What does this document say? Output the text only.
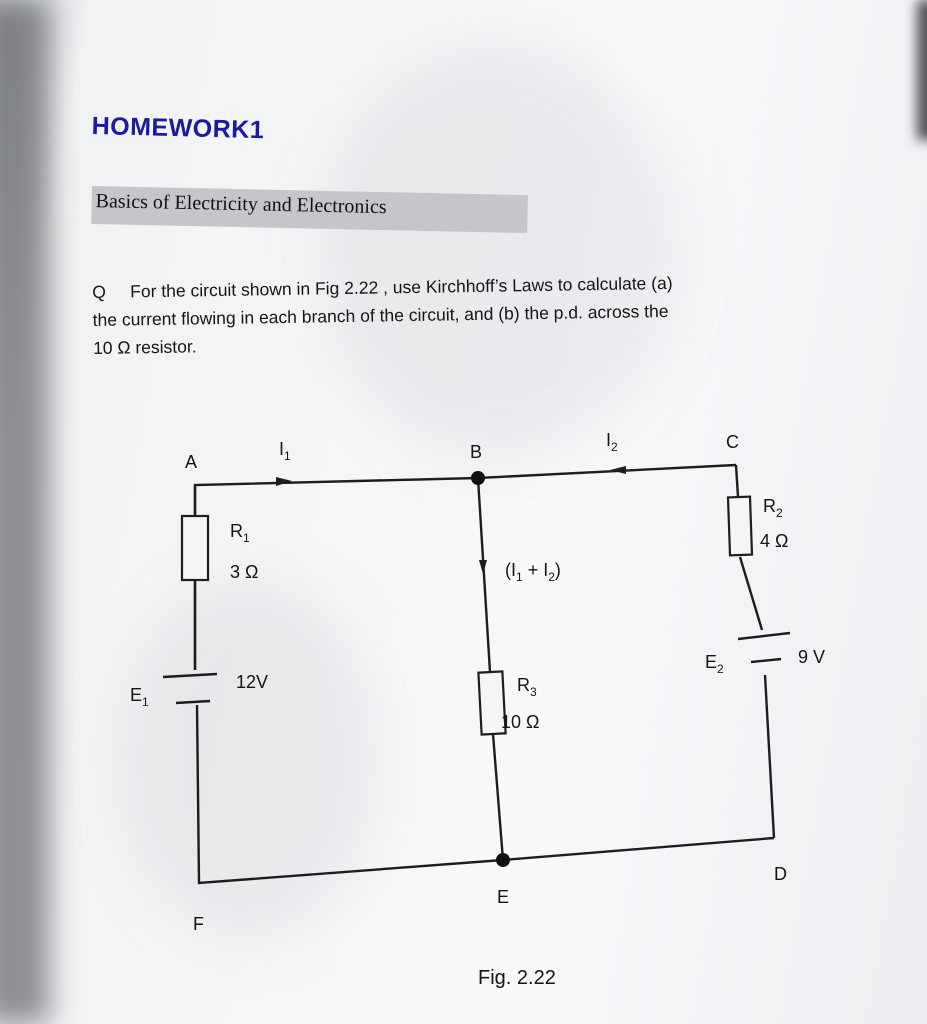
HOMEWORK1
Basics of Electricity and Electronics
Q For the circuit shown in Fig 2.22 , use Kirchhoff’s Laws to calculate (a)
the current flowing in each branch of the circuit, and (b) the p.d. across the
10 Ω resistor.
A	B	C
D
E
F
$I_1$
$I_2$
$(I_1 + I_2)$
$R_1$
3 Ω
$R_2$
4 Ω
$R_3$
10 Ω
$E_1$
12V
$E_2$
9 V
Fig. 2.22
